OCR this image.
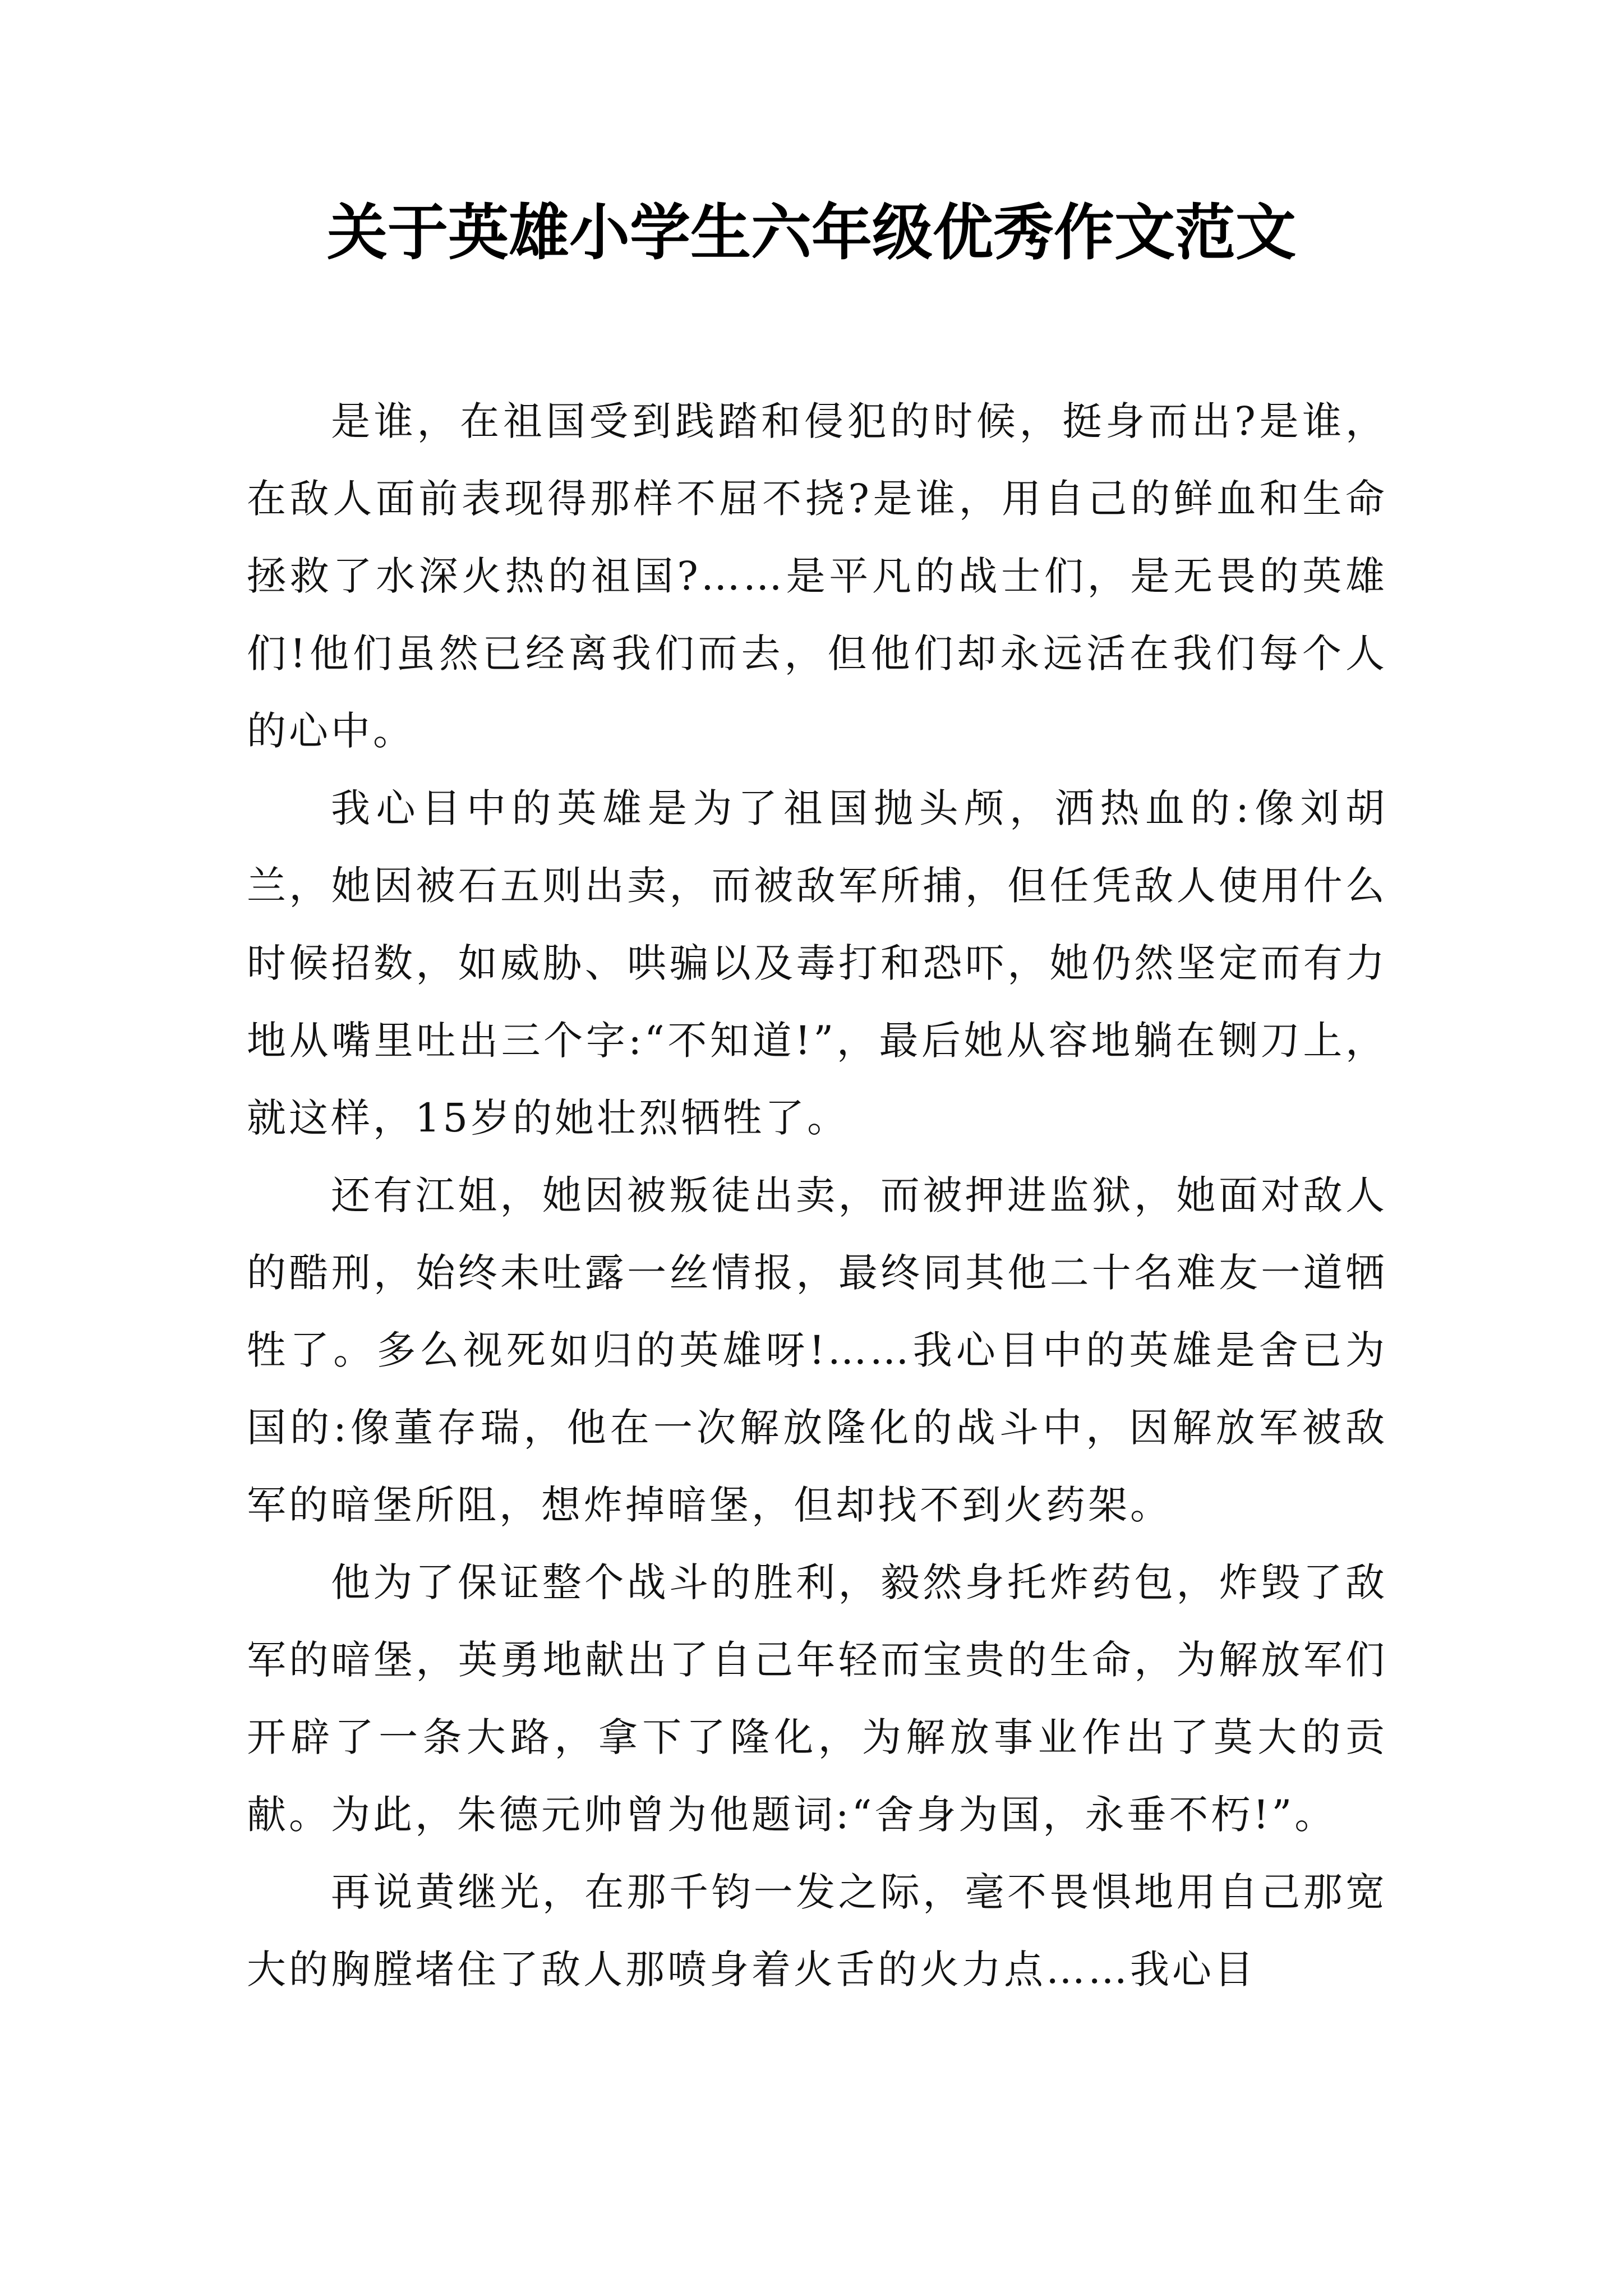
关于英雄小学生六年级优秀作文范文

是谁，在祖国受到践踏和侵犯的时候，挺身而出?是谁，在敌人面前表现得那样不屈不挠?是谁，用自己的鲜血和生命拯救了水深火热的祖国?……是平凡的战士们，是无畏的英雄们!他们虽然已经离我们而去，但他们却永远活在我们每个人的心中。

我心目中的英雄是为了祖国抛头颅，洒热血的:像刘胡兰，她因被石五则出卖，而被敌军所捕，但任凭敌人使用什么时候招数，如威胁、哄骗以及毒打和恐吓，她仍然坚定而有力地从嘴里吐出三个字:“不知道!”，最后她从容地躺在铡刀上，就这样，15岁的她壮烈牺牲了。

还有江姐，她因被叛徒出卖，而被押进监狱，她面对敌人的酷刑，始终未吐露一丝情报，最终同其他二十名难友一道牺牲了。多么视死如归的英雄呀!……我心目中的英雄是舍已为国的:像董存瑞，他在一次解放隆化的战斗中，因解放军被敌军的暗堡所阻，想炸掉暗堡，但却找不到火药架。

他为了保证整个战斗的胜利，毅然身托炸药包，炸毁了敌军的暗堡，英勇地献出了自己年轻而宝贵的生命，为解放军们开辟了一条大路，拿下了隆化，为解放事业作出了莫大的贡献。为此，朱德元帅曾为他题词:“舍身为国，永垂不朽!”。

再说黄继光，在那千钧一发之际，毫不畏惧地用自己那宽大的胸膛堵住了敌人那喷身着火舌的火力点……我心目
